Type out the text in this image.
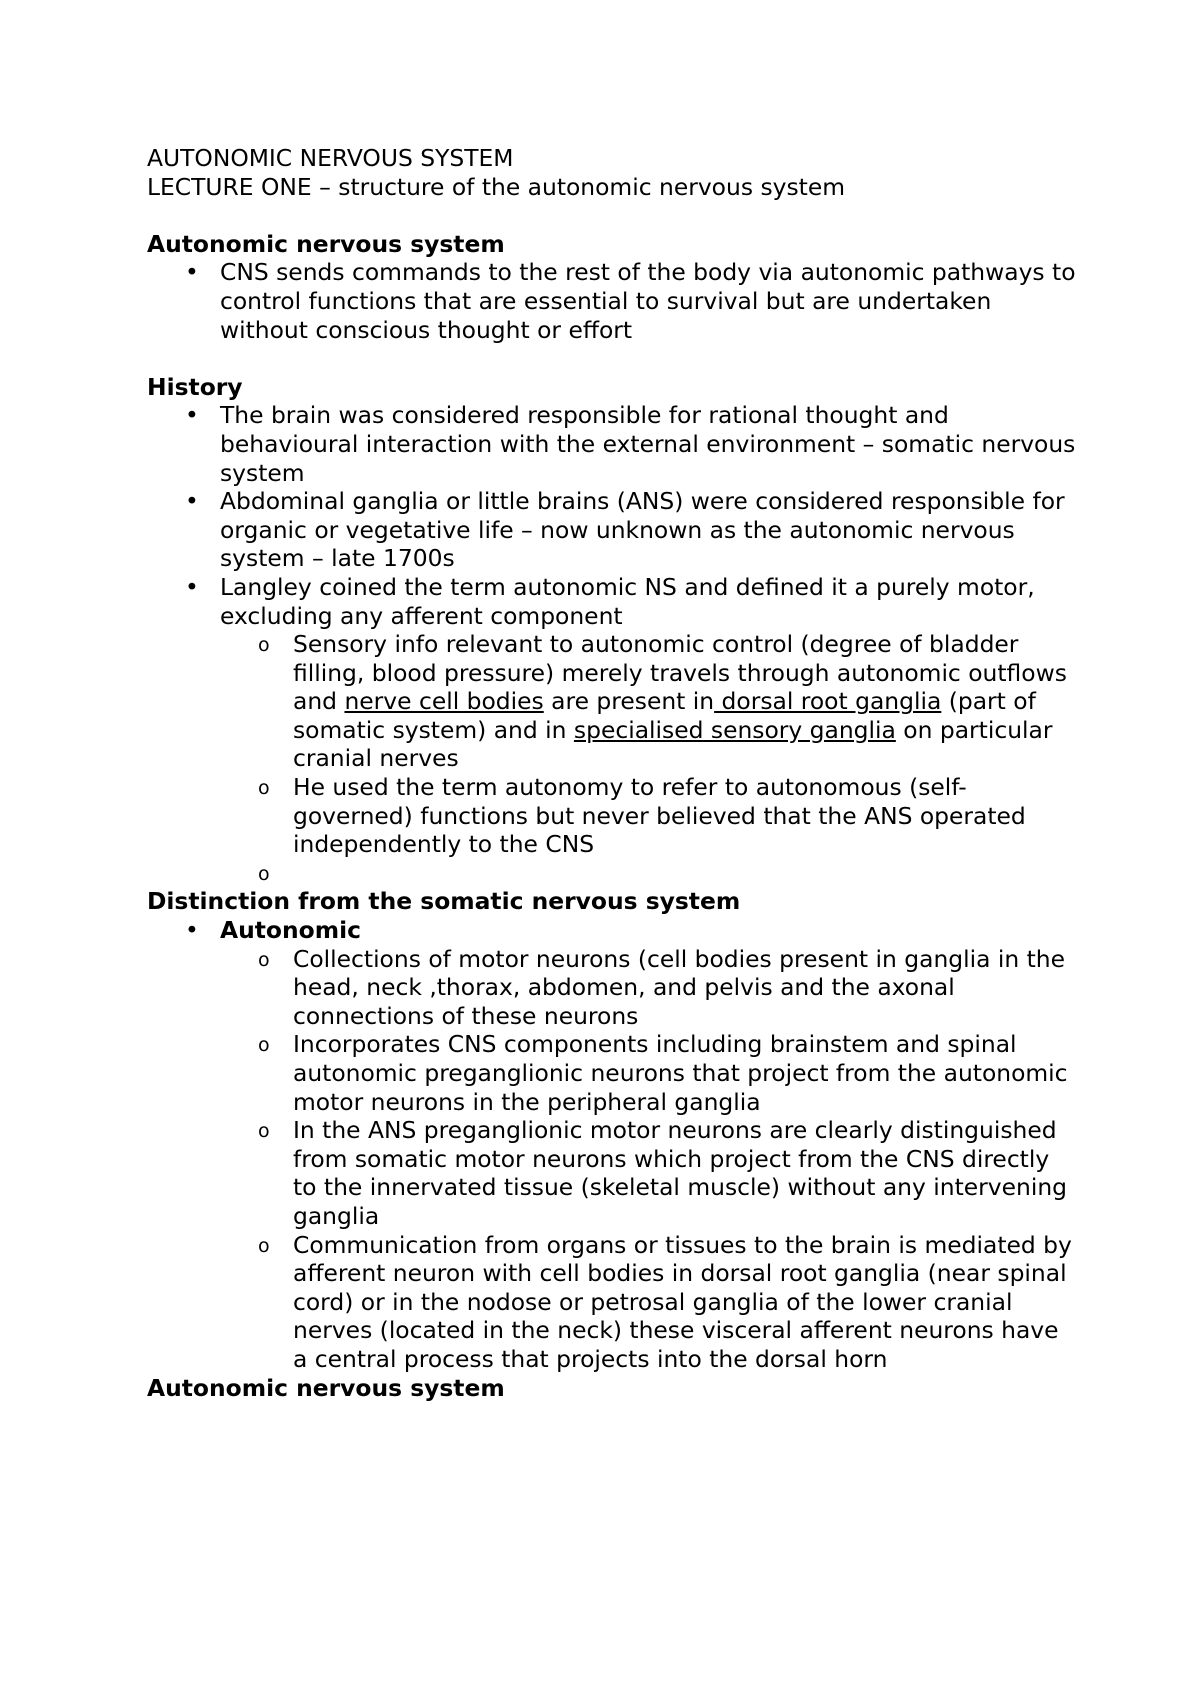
AUTONOMIC NERVOUS SYSTEM

LECTURE ONE – structure of the autonomic nervous system

Autonomic nervous system

• CNS sends commands to the rest of the body via autonomic pathways to control functions that are essential to survival but are undertaken without conscious thought or effort

History

• The brain was considered responsible for rational thought and behavioural interaction with the external environment – somatic nervous system
• Abdominal ganglia or little brains (ANS) were considered responsible for organic or vegetative life – now unknown as the autonomic nervous system – late 1700s
• Langley coined the term autonomic NS and defined it a purely motor, excluding any afferent component
o Sensory info relevant to autonomic control (degree of bladder filling, blood pressure) merely travels through autonomic outflows and nerve cell bodies are present in dorsal root ganglia (part of somatic system) and in specialised sensory ganglia on particular cranial nerves
o He used the term autonomy to refer to autonomous (self-governed) functions but never believed that the ANS operated independently to the CNS
o

Distinction from the somatic nervous system

• Autonomic
o Collections of motor neurons (cell bodies present in ganglia in the head, neck ,thorax, abdomen, and pelvis and the axonal connections of these neurons
o Incorporates CNS components including brainstem and spinal autonomic preganglionic neurons that project from the autonomic motor neurons in the peripheral ganglia
o In the ANS preganglionic motor neurons are clearly distinguished from somatic motor neurons which project from the CNS directly to the innervated tissue (skeletal muscle) without any intervening ganglia
o Communication from organs or tissues to the brain is mediated by afferent neuron with cell bodies in dorsal root ganglia (near spinal cord) or in the nodose or petrosal ganglia of the lower cranial nerves (located in the neck) these visceral afferent neurons have a central process that projects into the dorsal horn

Autonomic nervous system
